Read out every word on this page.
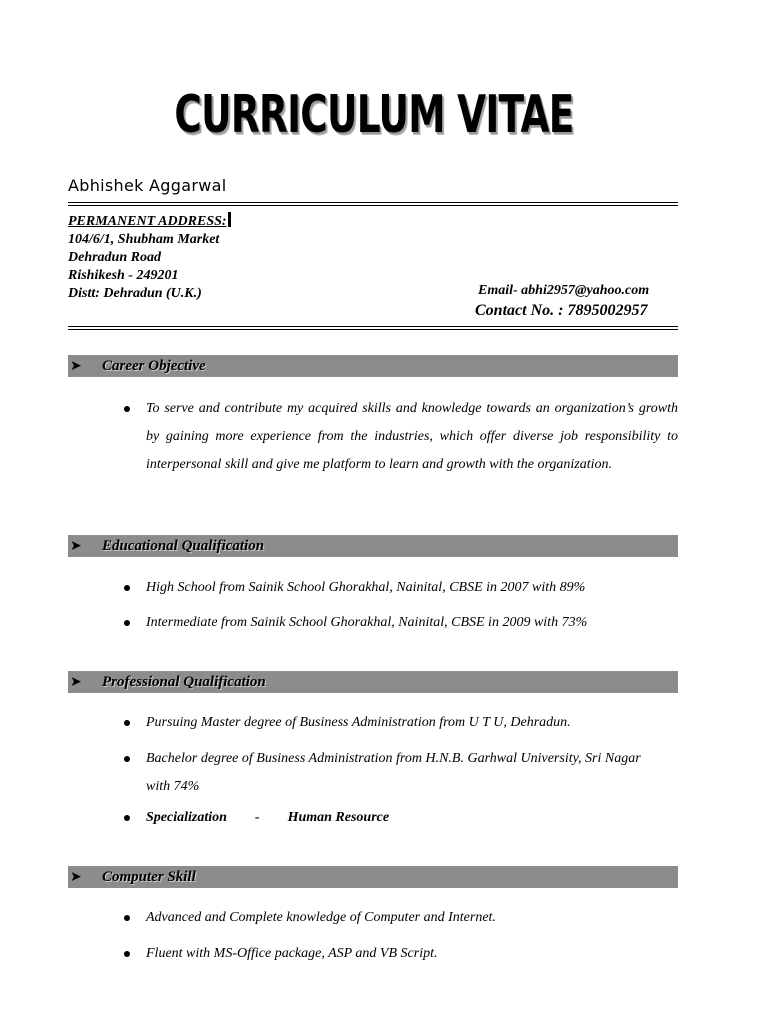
CURRICULUM VITAE
Abhishek Aggarwal
PERMANENT ADDRESS:
104/6/1, Shubham Market
Dehradun Road
Rishikesh - 249201
Distt: Dehradun (U.K.)	Email- abhi2957@yahoo.com
Contact No. : 7895002957
➤ Career Objective
To serve and contribute my acquired skills and knowledge towards an organization’s growth by gaining more experience from the industries, which offer diverse job responsibility to interpersonal skill and give me platform to learn and growth with the organization.
➤ Educational Qualification
High School from Sainik School Ghorakhal, Nainital, CBSE in 2007 with 89%
Intermediate from Sainik School Ghorakhal, Nainital, CBSE in 2009 with 73%
➤ Professional Qualification
Pursuing Master degree of Business Administration from U T U, Dehradun.
Bachelor degree of Business Administration from H.N.B. Garhwal University, Sri Nagar with 74%
Specialization - Human Resource
➤ Computer Skill
Advanced and Complete knowledge of Computer and Internet.
Fluent with MS-Office package, ASP and VB Script.
